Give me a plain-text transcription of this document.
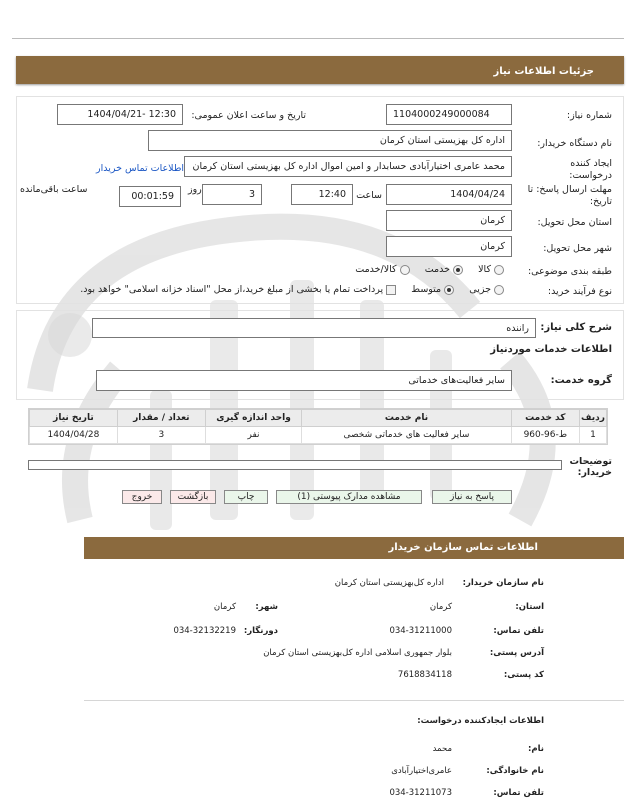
جزئیات اطلاعات نیاز
شماره نیاز:
1104000249000084
تاریخ و ساعت اعلان عمومی:
1404/04/21- 12:30
نام دستگاه خریدار:
اداره کل بهزیستی استان کرمان
ایجاد کننده
درخواست:
محمد عامری اختیارآبادی حسابدار و امین اموال اداره کل بهزیستی استان کرمان
اطلاعات تماس خریدار
مهلت ارسال پاسخ: تا
تاریخ:
1404/04/24
ساعت
12:40
روز	3
ساعت باقی‌مانده
00:01:59
استان محل تحویل:
کرمان
شهر محل تحویل:
کرمان
طبقه بندی موضوعی:
کالا      خدمت      کالا/خدمت
نوع فرآیند خرید:
جزیی      متوسط      پرداخت تمام یا بخشی از مبلغ خرید،از محل "اسناد خزانه اسلامی" خواهد بود.
شرح کلی نیاز:
راننده
اطلاعات خدمات موردنیاز
گروه خدمت:
سایر فعالیت‌های خدماتی
ردیف	کد خدمت	نام خدمت	واحد اندازه گیری	تعداد / مقدار	تاریخ نیاز
1	ط-96-960	سایر فعالیت های خدماتی شخصی	نفر	3	1404/04/28
توضیحات
خریدار:
پاسخ به نیاز
مشاهده مدارک پیوستی (1)
چاپ
بازگشت
خروج
اطلاعات تماس سازمان خریدار
نام سازمان خریدار:
اداره کل‌بهزیستی استان کرمان
استان:
کرمان
شهر:
کرمان
تلفن تماس:
034-31211000
دورنگار:
034-32132219
آدرس پستی:
بلوار جمهوری اسلامی اداره کل‌بهزیستی استان کرمان
کد پستی:
7618834118
اطلاعات ایجادکننده درخواست:
نام:
محمد
نام خانوادگی:
عامری‌اختیارآبادی
تلفن تماس:
034-31211073
